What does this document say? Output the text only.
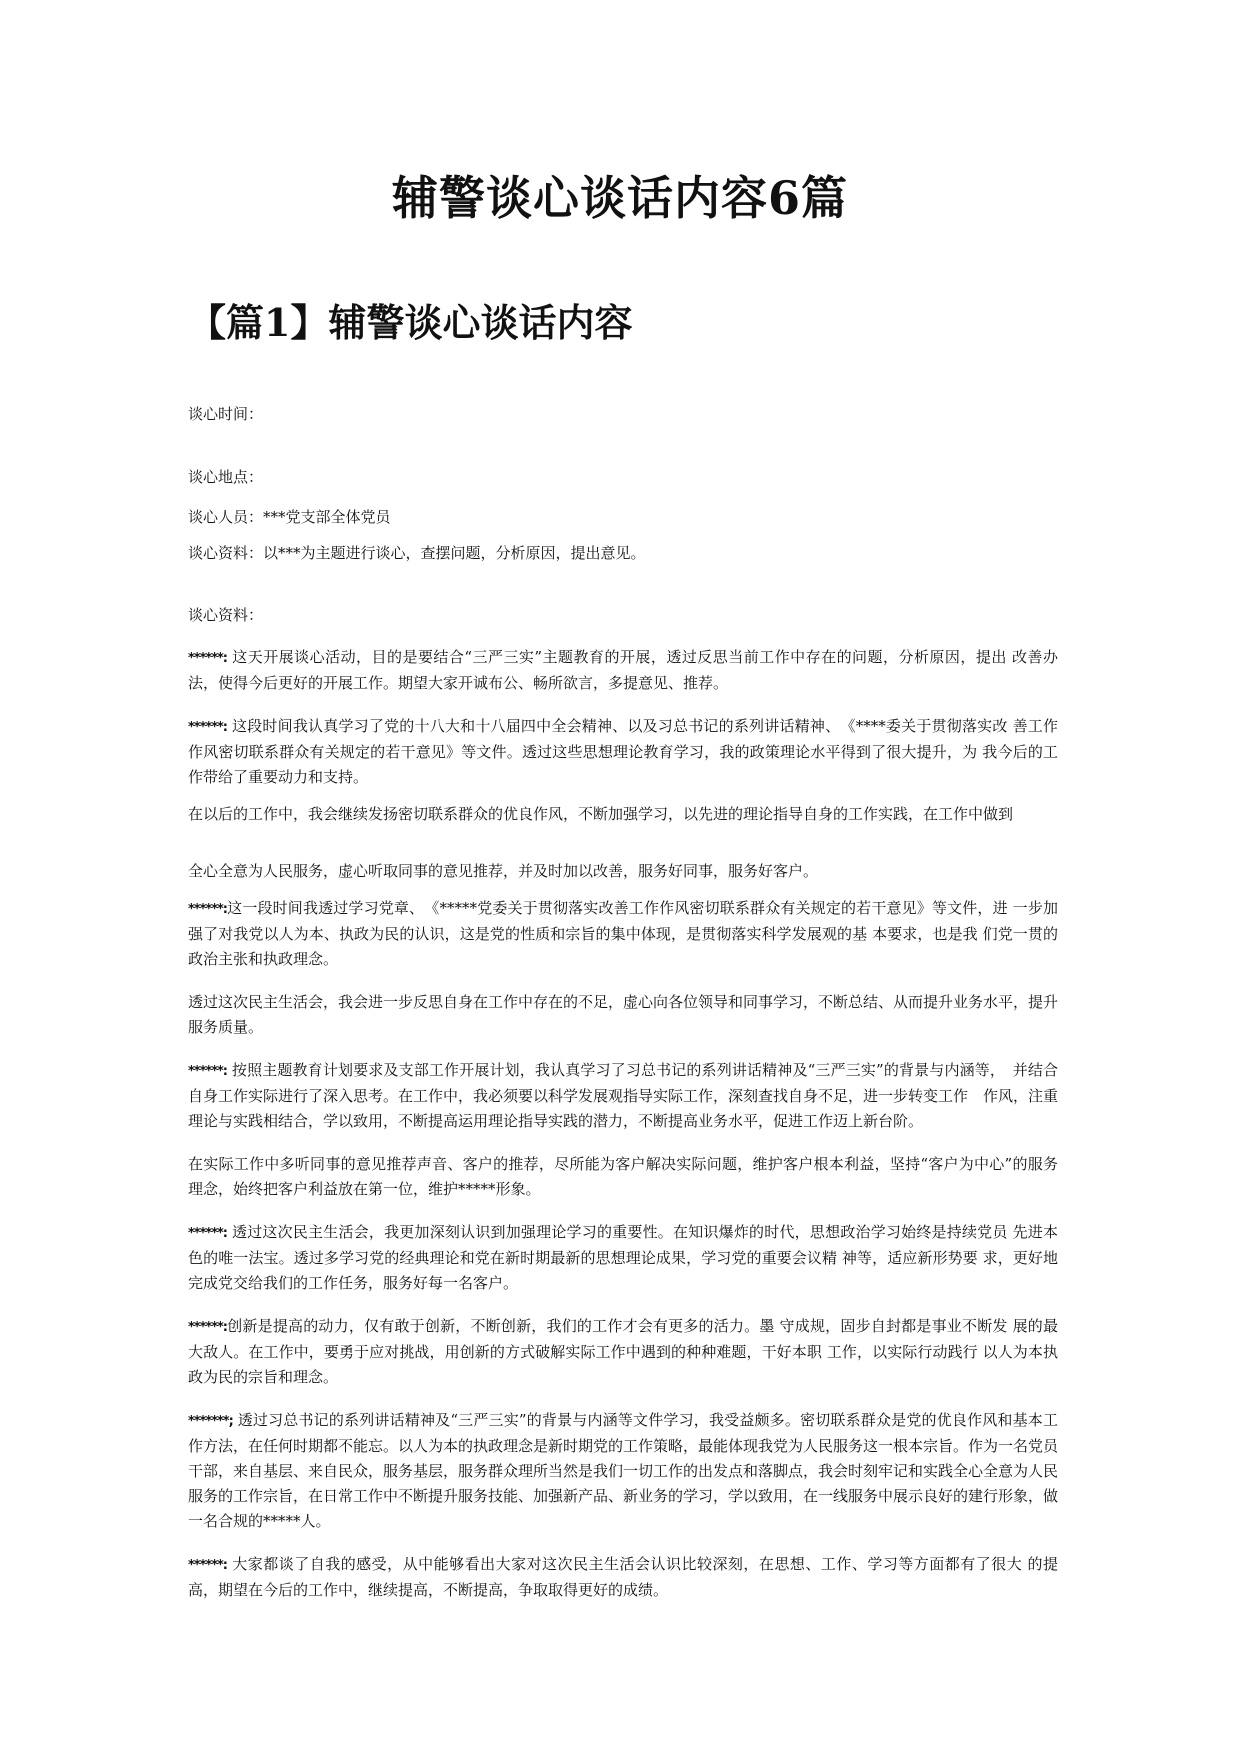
辅警谈心谈话内容6篇
【篇1】辅警谈心谈话内容

谈心时间：

谈心地点：

谈心人员：***党支部全体党员

谈心资料：以***为主题进行谈心，查摆问题，分析原因，提出意见。

谈心资料：

******: 这天开展谈心活动，目的是要结合“三严三实”主题教育的开展，透过反思当前工作中存在的问题，分析原因，提出 改善办法，使得今后更好的开展工作。期望大家开诚布公、畅所欲言，多提意见、推荐。

******: 这段时间我认真学习了党的十八大和十八届四中全会精神、以及习总书记的系列讲话精神、　《****委关于贯彻落实改 善工作作风密切联系群众有关规定的若干意见》等文件。透过这些思想理论教育学习，我的政策理论水平得到了很大提升，为 我今后的工作带给了重要动力和支持。

在以后的工作中，我会继续发扬密切联系群众的优良作风，不断加强学习，以先进的理论指导自身的工作实践，在工作中做到

全心全意为人民服务，虚心听取同事的意见推荐，并及时加以改善，服务好同事，服务好客户。

******:这一段时间我透过学习党章、　《*****党委关于贯彻落实改善工作作风密切联系群众有关规定的若干意见》等文件，进 一步加强了对我党以人为本、执政为民的认识，这是党的性质和宗旨的集中体现，是贯彻落实科学发展观的基 本要求，也是我 们党一贯的政治主张和执政理念。

透过这次民主生活会，我会进一步反思自身在工作中存在的不足，虚心向各位领导和同事学习，不断总结、从而提升业务水平，提升服务质量。

******: 按照主题教育计划要求及支部工作开展计划，我认真学习了习总书记的系列讲话精神及“三严三实”的背景与内涵等，　并结合自身工作实际进行了深入思考。在工作中，我必须要以科学发展观指导实际工作，深刻查找自身不足，进一步转变工作　作风，注重理论与实践相结合，学以致用，不断提高运用理论指导实践的潜力，不断提高业务水平，促进工作迈上新台阶。

在实际工作中多听同事的意见推荐声音、客户的推荐，尽所能为客户解决实际问题，维护客户根本利益，坚持“客户为中心”的服务理念，始终把客户利益放在第一位，维护*****形象。

******: 透过这次民主生活会，我更加深刻认识到加强理论学习的重要性。在知识爆炸的时代，思想政治学习始终是持续党员 先进本色的唯一法宝。透过多学习党的经典理论和党在新时期最新的思想理论成果，学习党的重要会议精 神等，适应新形势要 求，更好地完成党交给我们的工作任务，服务好每一名客户。

******:创新是提高的动力，仅有敢于创新，不断创新，我们的工作才会有更多的活力。墨 守成规，固步自封都是事业不断发 展的最大敌人。在工作中，要勇于应对挑战，用创新的方式破解实际工作中遇到的种种难题，干好本职 工作，以实际行动践行 以人为本执政为民的宗旨和理念。

*******; 透过习总书记的系列讲话精神及“三严三实”的背景与内涵等文件学习，我受益颇多。密切联系群众是党的优良作风和基本工作方法，在任何时期都不能忘。以人为本的执政理念是新时期党的工作策略，最能体现我党为人民服务这一根本宗旨。作为一名党员干部，来自基层、来自民众，服务基层，服务群众理所当然是我们一切工作的出发点和落脚点，我会时刻牢记和实践全心全意为人民服务的工作宗旨，在日常工作中不断提升服务技能、加强新产品、新业务的学习，学以致用，在一线服务中展示良好的建行形象，做一名合规的*****人。

******: 大家都谈了自我的感受，从中能够看出大家对这次民主生活会认识比较深刻，在思想、工作、学习等方面都有了很大 的提高，期望在今后的工作中，继续提高，不断提高，争取取得更好的成绩。
